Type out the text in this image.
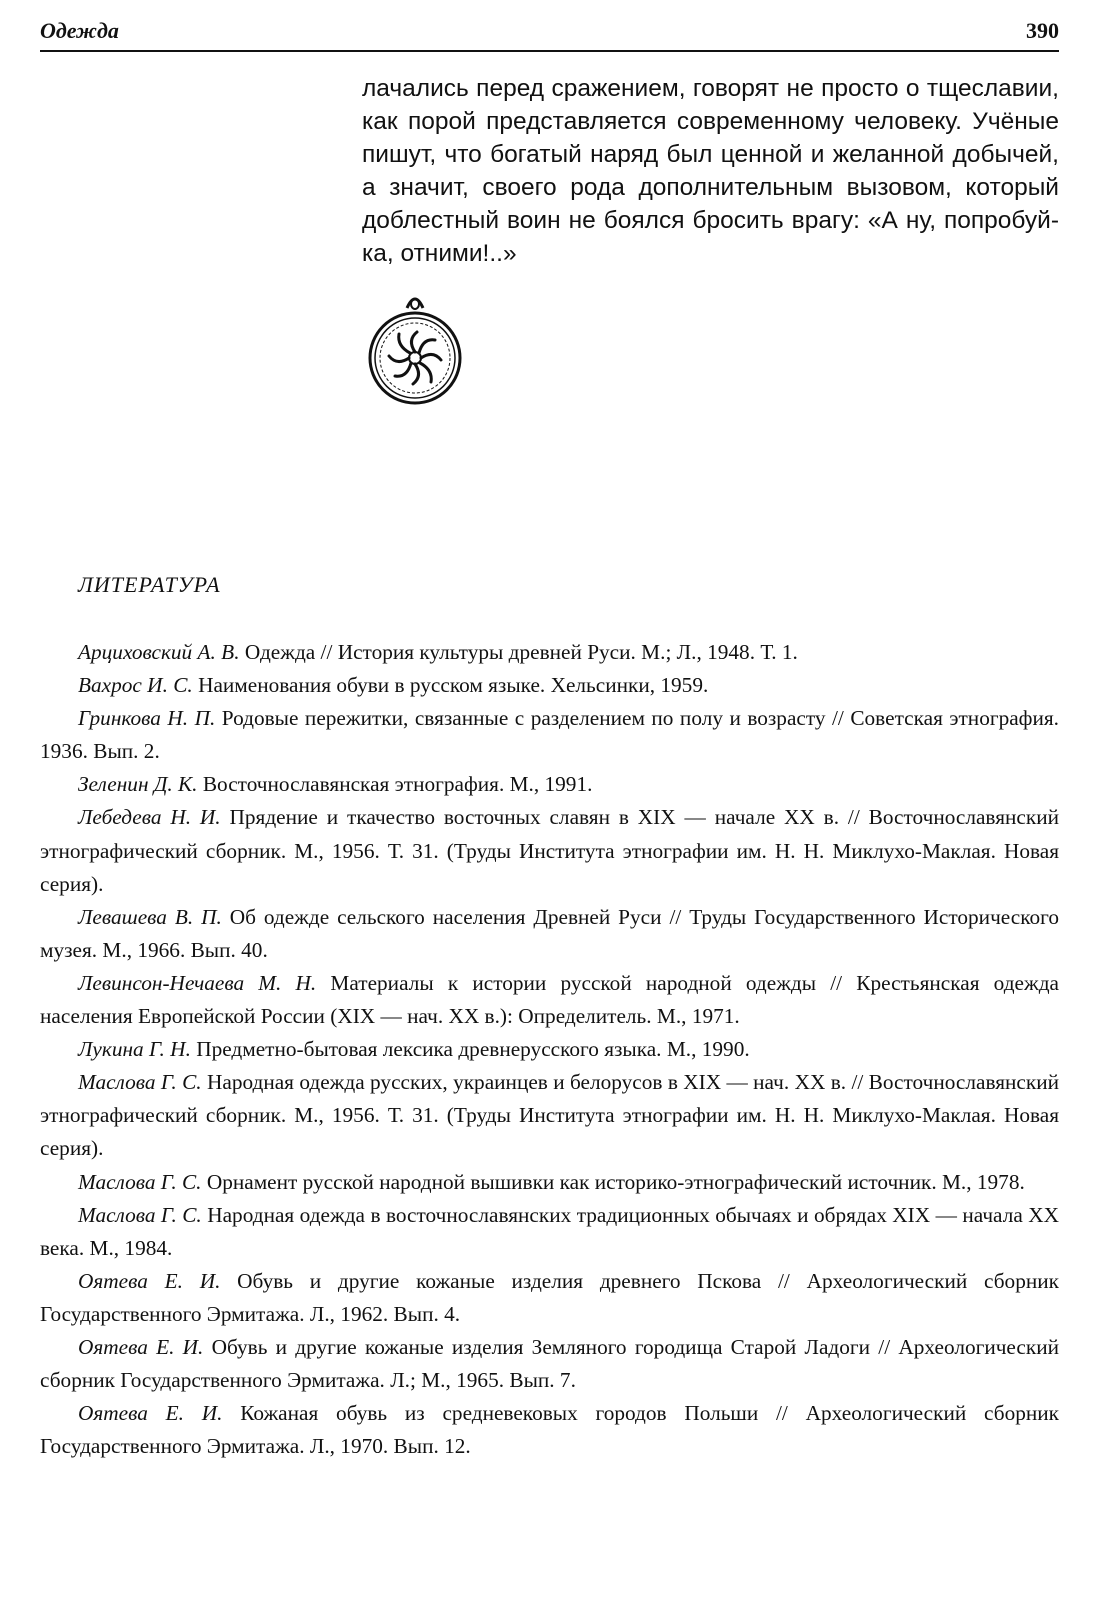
Одежда	390

лачались перед сражением, говорят не просто о тщеславии, как порой представляется современному человеку. Учёные пишут, что богатый наряд был ценной и желанной добычей, а значит, своего рода дополнительным вызовом, который доблестный воин не боялся бросить врагу: «А ну, попробуй-ка, отними!..»

ЛИТЕРАТУРА

Арциховский А. В. Одежда // История культуры древней Руси. М.; Л., 1948. Т. 1.

Вахрос И. С. Наименования обуви в русском языке. Хельсинки, 1959.

Гринкова Н. П. Родовые пережитки, связанные с разделением по полу и возрасту // Советская этнография. 1936. Вып. 2.

Зеленин Д. К. Восточнославянская этнография. М., 1991.

Лебедева Н. И. Прядение и ткачество восточных славян в XIX — начале XX в. // Восточнославянский этнографический сборник. М., 1956. Т. 31. (Труды Института этнографии им. Н. Н. Миклухо-Маклая. Новая серия).

Левашева В. П. Об одежде сельского населения Древней Руси // Труды Государственного Исторического музея. М., 1966. Вып. 40.

Левинсон-Нечаева М. Н. Материалы к истории русской народной одежды // Крестьянская одежда населения Европейской России (XIX — нач. XX в.): Определитель. М., 1971.

Лукина Г. Н. Предметно-бытовая лексика древнерусского языка. М., 1990.

Маслова Г. С. Народная одежда русских, украинцев и белорусов в XIX — нач. XX в. // Восточнославянский этнографический сборник. М., 1956. Т. 31. (Труды Института этнографии им. Н. Н. Миклухо-Маклая. Новая серия).

Маслова Г. С. Орнамент русской народной вышивки как историко-этнографический источник. М., 1978.

Маслова Г. С. Народная одежда в восточнославянских традиционных обычаях и обрядах XIX — начала XX века. М., 1984.

Оятева Е. И. Обувь и другие кожаные изделия древнего Пскова // Археологический сборник Государственного Эрмитажа. Л., 1962. Вып. 4.

Оятева Е. И. Обувь и другие кожаные изделия Земляного городища Старой Ладоги // Археологический сборник Государственного Эрмитажа. Л.; М., 1965. Вып. 7.

Оятева Е. И. Кожаная обувь из средневековых городов Польши // Археологический сборник Государственного Эрмитажа. Л., 1970. Вып. 12.
